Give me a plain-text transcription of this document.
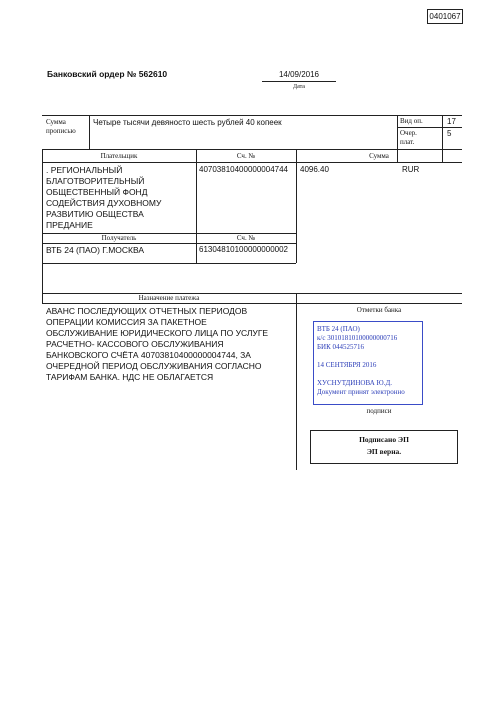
0401067
Банковский ордер № 562610	14/09/2016
Дата
Сумма
прописью
Четыре тысячи девяносто шесть рублей 40 копеек	Вид оп.	17
Очер.
плат.
5
Плательщик	Сч. №	Сумма
. РЕГИОНАЛЬНЫЙ
БЛАГОТВОРИТЕЛЬНЫЙ
ОБЩЕСТВЕННЫЙ ФОНД
СОДЕЙСТВИЯ ДУХОВНОМУ
РАЗВИТИЮ ОБЩЕСТВА
ПРЕДАНИЕ
40703810400000004744 4096.40	RUR
Получатель	Сч. №
ВТБ 24 (ПАО) Г.МОСКВА	61304810100000000002
Назначение платежа
АВАНС ПОСЛЕДУЮЩИХ ОТЧЕТНЫХ ПЕРИОДОВ
ОПЕРАЦИИ КОМИССИЯ ЗА ПАКЕТНОЕ
ОБСЛУЖИВАНИЕ ЮРИДИЧЕСКОГО ЛИЦА ПО УСЛУГЕ
РАСЧЕТНО- КАССОВОГО ОБСЛУЖИВАНИЯ
БАНКОВСКОГО СЧЁТА 40703810400000004744, ЗА
ОЧЕРЕДНОЙ ПЕРИОД ОБСЛУЖИВАНИЯ СОГЛАСНО
ТАРИФАМ БАНКА. НДС НЕ ОБЛАГАЕТСЯ
Отметки банка
ВТБ 24 (ПАО)
к/с 30101810100000000716
БИК 044525716
14 СЕНТЯБРЯ 2016
ХУСНУТДИНОВА Ю.Д.
Документ принят электронно
подписи
Подписано ЭП
ЭП верна.
